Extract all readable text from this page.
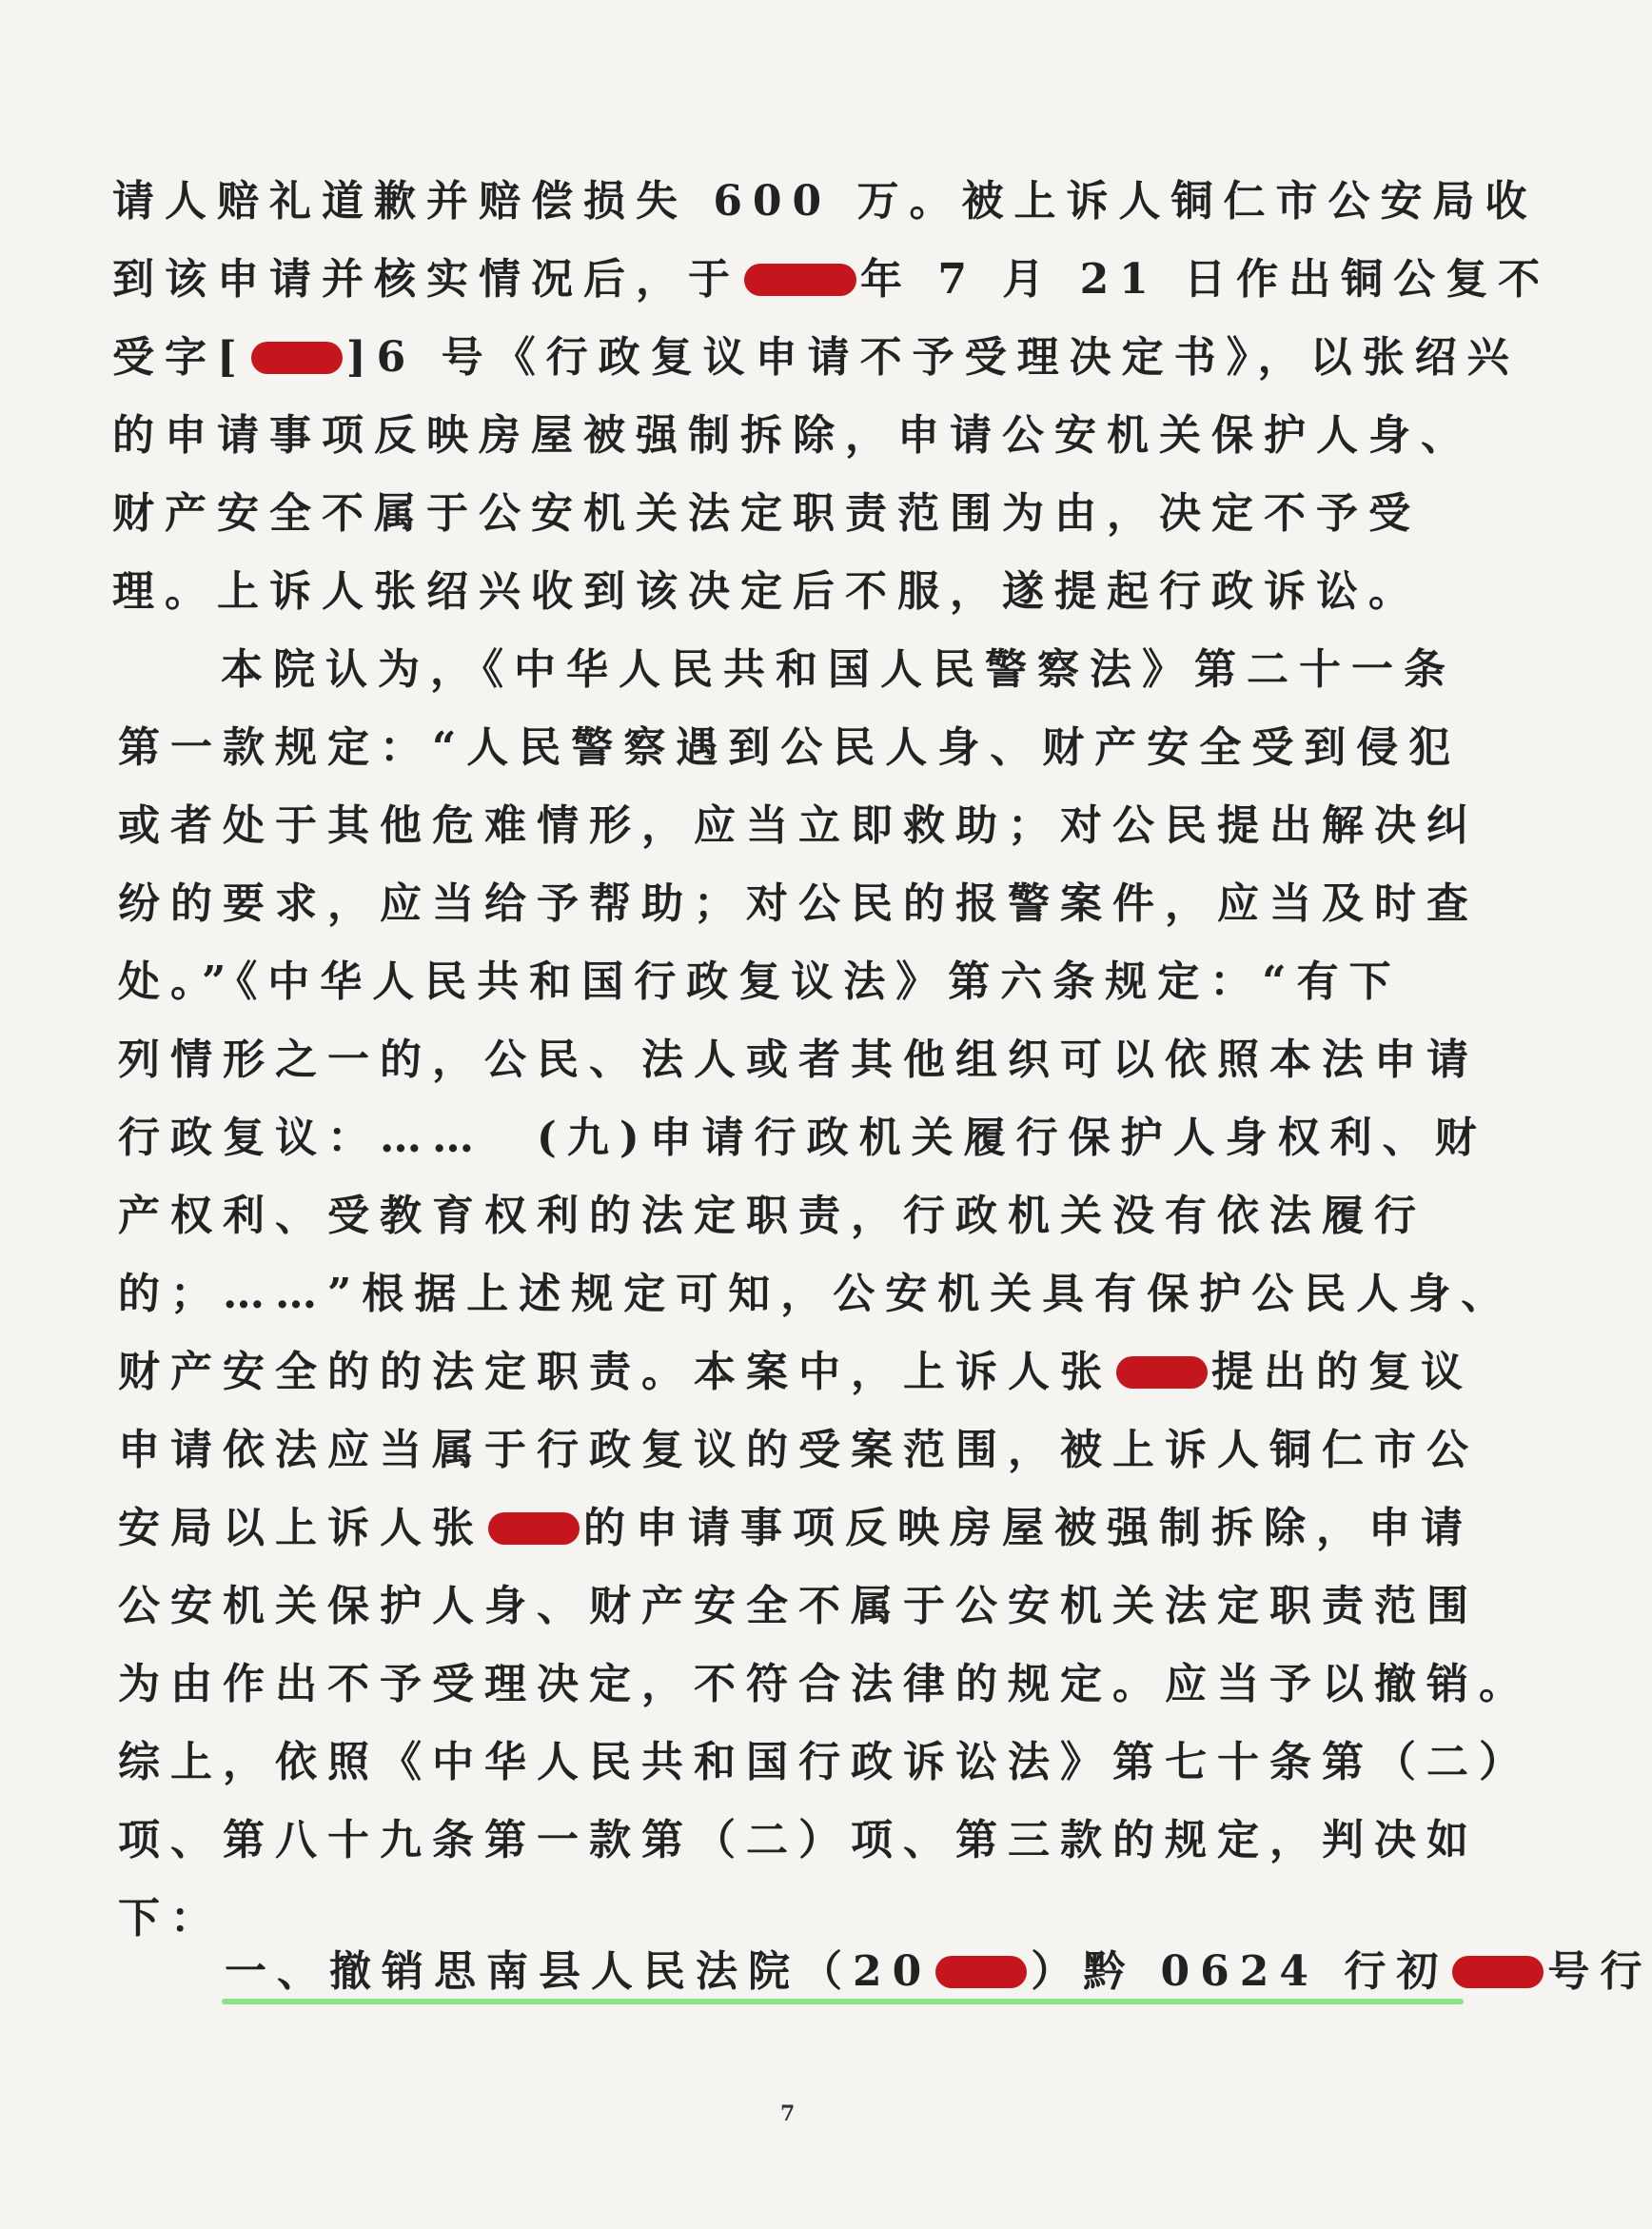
请人赔礼道歉并赔偿损失 600 万。被上诉人铜仁市公安局收
到该申请并核实情况后，于	年 7 月 21 日作出铜公复不
受字[ ]6 号《行政复议申请不予受理决定书》，以张绍兴
的申请事项反映房屋被强制拆除，申请公安机关保护人身、
财产安全不属于公安机关法定职责范围为由，决定不予受
理。上诉人张绍兴收到该决定后不服，遂提起行政诉讼。
本院认为，《中华人民共和国人民警察法》第二十一条
第一款规定：“人民警察遇到公民人身、财产安全受到侵犯
或者处于其他危难情形，应当立即救助；对公民提出解决纠
纷的要求，应当给予帮助；对公民的报警案件，应当及时查
处。”《中华人民共和国行政复议法》第六条规定：“有下
列情形之一的，公民、法人或者其他组织可以依照本法申请
行政复议：……　(九)申请行政机关履行保护人身权利、财
产权利、受教育权利的法定职责，行政机关没有依法履行
的；……”根据上述规定可知，公安机关具有保护公民人身、
财产安全的的法定职责。本案中，上诉人张 提出的复议
申请依法应当属于行政复议的受案范围，被上诉人铜仁市公
安局以上诉人张 的申请事项反映房屋被强制拆除，申请
公安机关保护人身、财产安全不属于公安机关法定职责范围
为由作出不予受理决定，不符合法律的规定。应当予以撤销。
综上，依照《中华人民共和国行政诉讼法》第七十条第（二）
项、第八十九条第一款第（二）项、第三款的规定，判决如
下：
一、撤销思南县人民法院（20 ）黔 0624 行初 号行
7
